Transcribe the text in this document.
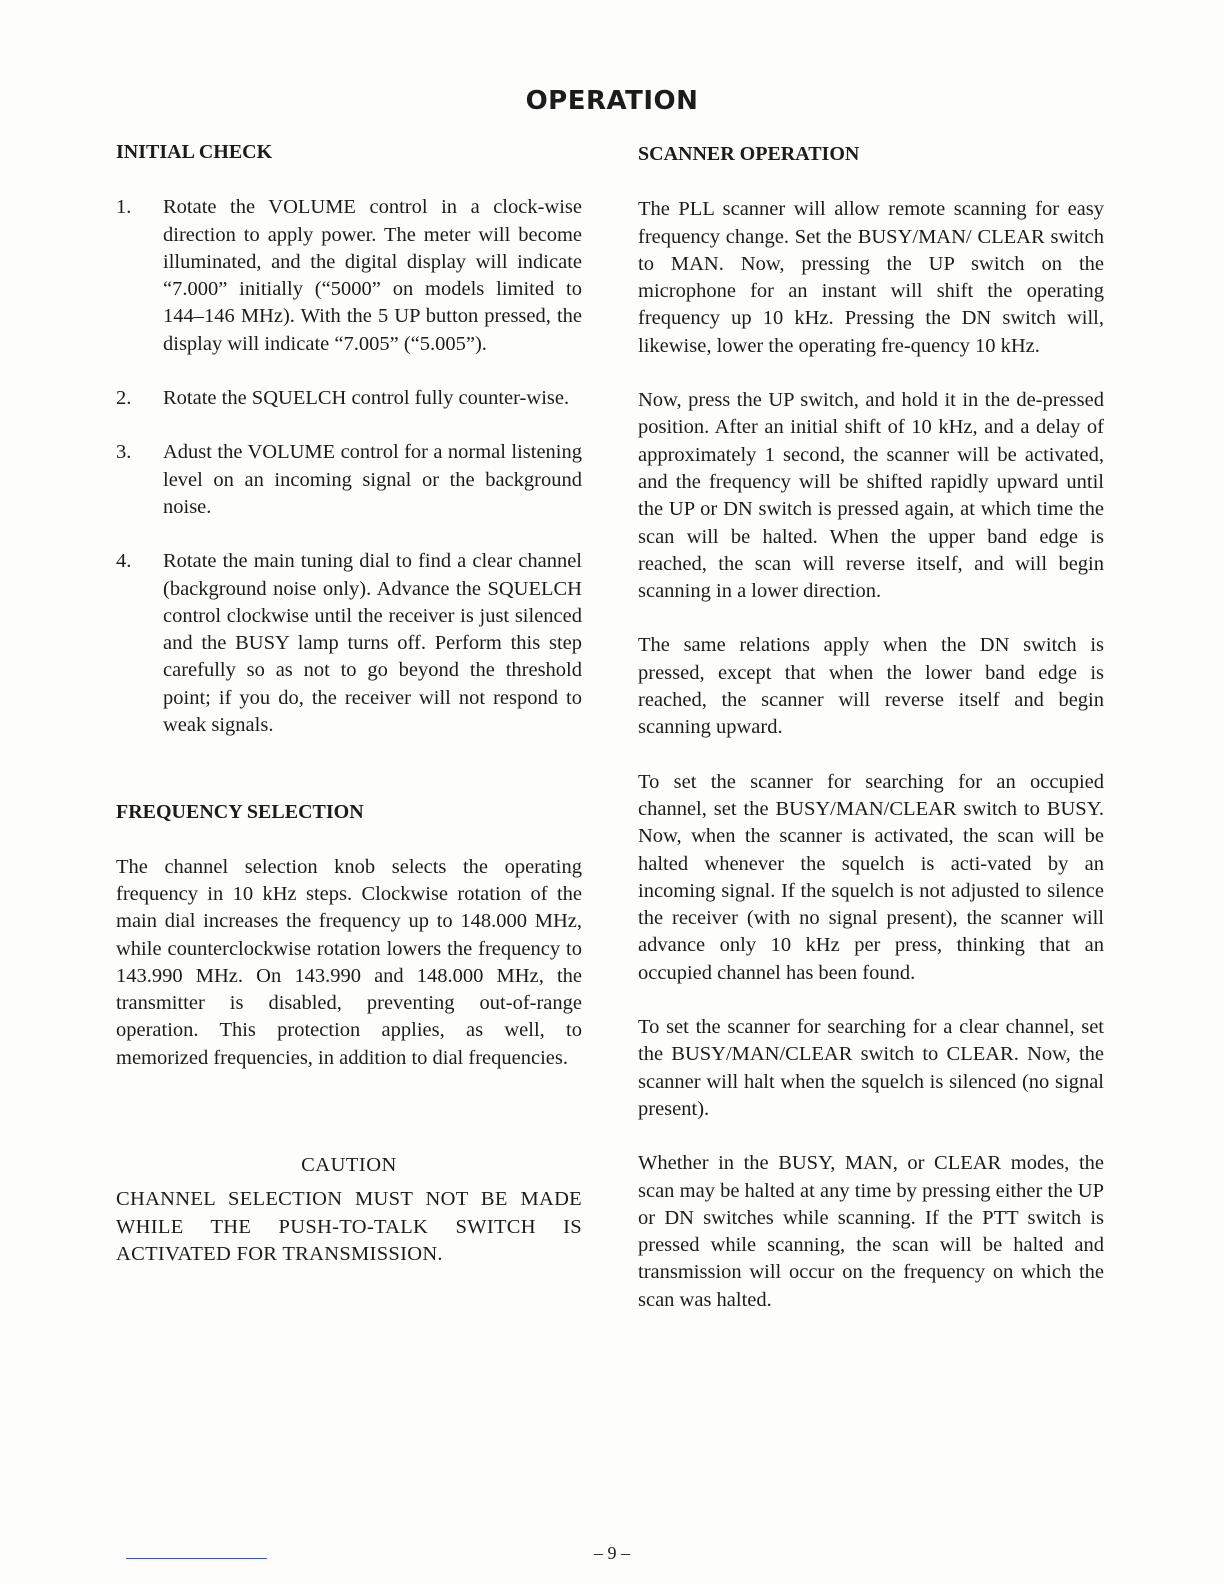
OPERATION

INITIAL CHECK

1. Rotate the VOLUME control in a clock-wise direction to apply power. The meter will become illuminated, and the digital display will indicate “7.000” initially (“5000” on models limited to 144–146 MHz). With the 5 UP button pressed, the display will indicate “7.005” (“5.005”).
2. Rotate the SQUELCH control fully counter-wise.
3. Adust the VOLUME control for a normal listening level on an incoming signal or the background noise.
4. Rotate the main tuning dial to find a clear channel (background noise only). Advance the SQUELCH control clockwise until the receiver is just silenced and the BUSY lamp turns off. Perform this step carefully so as not to go beyond the threshold point; if you do, the receiver will not respond to weak signals.

FREQUENCY SELECTION

The channel selection knob selects the operating frequency in 10 kHz steps. Clockwise rotation of the main dial increases the frequency up to 148.000 MHz, while counterclockwise rotation lowers the frequency to 143.990 MHz. On 143.990 and 148.000 MHz, the transmitter is disabled, preventing out-of-range operation. This protection applies, as well, to memorized frequencies, in addition to dial frequencies.

CAUTION

CHANNEL SELECTION MUST NOT BE MADE WHILE THE PUSH-TO-TALK SWITCH IS ACTIVATED FOR TRANSMISSION.

SCANNER OPERATION

The PLL scanner will allow remote scanning for easy frequency change. Set the BUSY/MAN/ CLEAR switch to MAN. Now, pressing the UP switch on the microphone for an instant will shift the operating frequency up 10 kHz. Pressing the DN switch will, likewise, lower the operating fre-quency 10 kHz.

Now, press the UP switch, and hold it in the de-pressed position. After an initial shift of 10 kHz, and a delay of approximately 1 second, the scanner will be activated, and the frequency will be shifted rapidly upward until the UP or DN switch is pressed again, at which time the scan will be halted. When the upper band edge is reached, the scan will reverse itself, and will begin scanning in a lower direction.

The same relations apply when the DN switch is pressed, except that when the lower band edge is reached, the scanner will reverse itself and begin scanning upward.

To set the scanner for searching for an occupied channel, set the BUSY/MAN/CLEAR switch to BUSY. Now, when the scanner is activated, the scan will be halted whenever the squelch is acti-vated by an incoming signal. If the squelch is not adjusted to silence the receiver (with no signal present), the scanner will advance only 10 kHz per press, thinking that an occupied channel has been found.

To set the scanner for searching for a clear channel, set the BUSY/MAN/CLEAR switch to CLEAR. Now, the scanner will halt when the squelch is silenced (no signal present).

Whether in the BUSY, MAN, or CLEAR modes, the scan may be halted at any time by pressing either the UP or DN switches while scanning. If the PTT switch is pressed while scanning, the scan will be halted and transmission will occur on the frequency on which the scan was halted.

– 9 –
